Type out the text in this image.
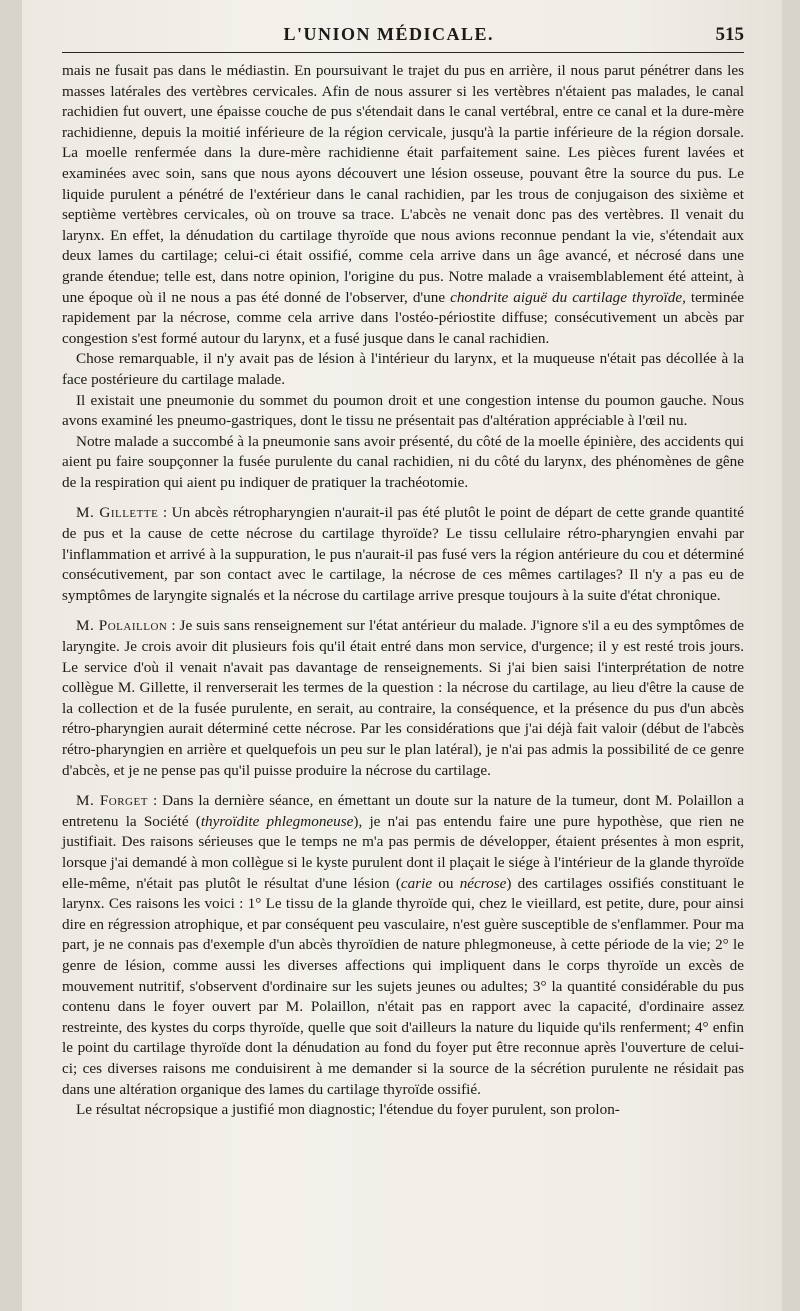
L'UNION MÉDICALE.	515

mais ne fusait pas dans le médiastin. En poursuivant le trajet du pus en arrière, il nous parut pénétrer dans les masses latérales des vertèbres cervicales. Afin de nous assurer si les vertèbres n'étaient pas malades, le canal rachidien fut ouvert, une épaisse couche de pus s'étendait dans le canal vertébral, entre ce canal et la dure-mère rachidienne, depuis la moitié inférieure de la région cervicale, jusqu'à la partie inférieure de la région dorsale. La moelle renfermée dans la dure-mère rachidienne était parfaitement saine. Les pièces furent lavées et examinées avec soin, sans que nous ayons découvert une lésion osseuse, pouvant être la source du pus. Le liquide purulent a pénétré de l'extérieur dans le canal rachidien, par les trous de conjugaison des sixième et septième vertèbres cervicales, où on trouve sa trace. L'abcès ne venait donc pas des vertèbres. Il venait du larynx. En effet, la dénudation du cartilage thyroïde que nous avions reconnue pendant la vie, s'étendait aux deux lames du cartilage; celui-ci était ossifié, comme cela arrive dans un âge avancé, et nécrosé dans une grande étendue; telle est, dans notre opinion, l'origine du pus. Notre malade a vraisemblablement été atteint, à une époque où il ne nous a pas été donné de l'observer, d'une chondrite aiguë du cartilage thyroïde, terminée rapidement par la nécrose, comme cela arrive dans l'ostéo-périostite diffuse; consécutivement un abcès par congestion s'est formé autour du larynx, et a fusé jusque dans le canal rachidien.

Chose remarquable, il n'y avait pas de lésion à l'intérieur du larynx, et la muqueuse n'était pas décollée à la face postérieure du cartilage malade.

Il existait une pneumonie du sommet du poumon droit et une congestion intense du poumon gauche. Nous avons examiné les pneumo-gastriques, dont le tissu ne présentait pas d'altération appréciable à l'œil nu.

Notre malade a succombé à la pneumonie sans avoir présenté, du côté de la moelle épinière, des accidents qui aient pu faire soupçonner la fusée purulente du canal rachidien, ni du côté du larynx, des phénomènes de gêne de la respiration qui aient pu indiquer de pratiquer la trachéotomie.

M. Gillette : Un abcès rétropharyngien n'aurait-il pas été plutôt le point de départ de cette grande quantité de pus et la cause de cette nécrose du cartilage thyroïde? Le tissu cellulaire rétro-pharyngien envahi par l'inflammation et arrivé à la suppuration, le pus n'aurait-il pas fusé vers la région antérieure du cou et déterminé consécutivement, par son contact avec le cartilage, la nécrose de ces mêmes cartilages? Il n'y a pas eu de symptômes de laryngite signalés et la nécrose du cartilage arrive presque toujours à la suite d'état chronique.

M. Polaillon : Je suis sans renseignement sur l'état antérieur du malade. J'ignore s'il a eu des symptômes de laryngite. Je crois avoir dit plusieurs fois qu'il était entré dans mon service, d'urgence; il y est resté trois jours. Le service d'où il venait n'avait pas davantage de renseignements. Si j'ai bien saisi l'interprétation de notre collègue M. Gillette, il renverserait les termes de la question : la nécrose du cartilage, au lieu d'être la cause de la collection et de la fusée purulente, en serait, au contraire, la conséquence, et la présence du pus d'un abcès rétro-pharyngien aurait déterminé cette nécrose. Par les considérations que j'ai déjà fait valoir (début de l'abcès rétro-pharyngien en arrière et quelquefois un peu sur le plan latéral), je n'ai pas admis la possibilité de ce genre d'abcès, et je ne pense pas qu'il puisse produire la nécrose du cartilage.

M. Forget : Dans la dernière séance, en émettant un doute sur la nature de la tumeur, dont M. Polaillon a entretenu la Société (thyroïdite phlegmoneuse), je n'ai pas entendu faire une pure hypothèse, que rien ne justifiait. Des raisons sérieuses que le temps ne m'a pas permis de développer, étaient présentes à mon esprit, lorsque j'ai demandé à mon collègue si le kyste purulent dont il plaçait le siége à l'intérieur de la glande thyroïde elle-même, n'était pas plutôt le résultat d'une lésion (carie ou nécrose) des cartilages ossifiés constituant le larynx. Ces raisons les voici : 1° Le tissu de la glande thyroïde qui, chez le vieillard, est petite, dure, pour ainsi dire en régression atrophique, et par conséquent peu vasculaire, n'est guère susceptible de s'enflammer. Pour ma part, je ne connais pas d'exemple d'un abcès thyroïdien de nature phlegmoneuse, à cette période de la vie; 2° le genre de lésion, comme aussi les diverses affections qui impliquent dans le corps thyroïde un excès de mouvement nutritif, s'observent d'ordinaire sur les sujets jeunes ou adultes; 3° la quantité considérable du pus contenu dans le foyer ouvert par M. Polaillon, n'était pas en rapport avec la capacité, d'ordinaire assez restreinte, des kystes du corps thyroïde, quelle que soit d'ailleurs la nature du liquide qu'ils renferment; 4° enfin le point du cartilage thyroïde dont la dénudation au fond du foyer put être reconnue après l'ouverture de celui-ci; ces diverses raisons me conduisirent à me demander si la source de la sécrétion purulente ne résidait pas dans une altération organique des lames du cartilage thyroïde ossifié.

Le résultat nécropsique a justifié mon diagnostic; l'étendue du foyer purulent, son prolon-
